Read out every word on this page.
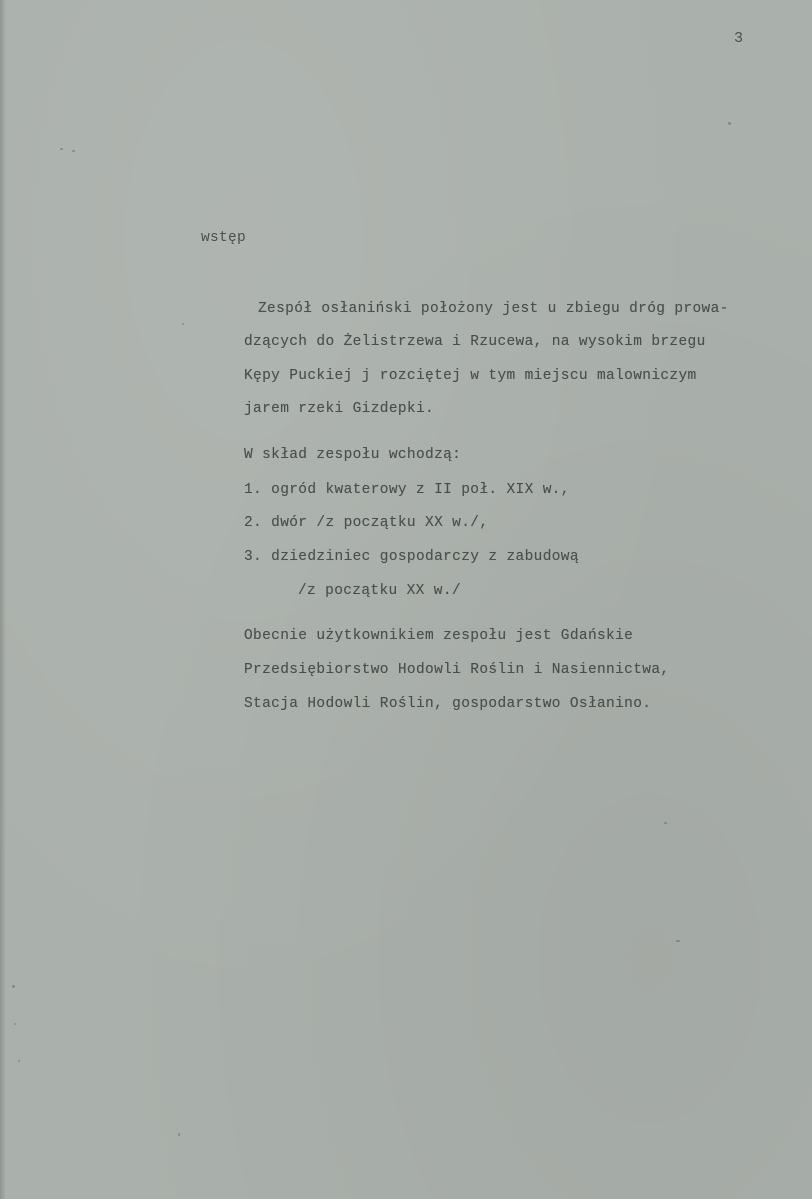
3
wstęp
Zespół osłaniński położony jest u zbiegu dróg prowa-
dzących do Żelistrzewa i Rzucewa, na wysokim brzegu
Kępy Puckiej j rozciętej w tym miejscu malowniczym
jarem rzeki Gizdepki.
W skład zespołu wchodzą:
1. ogród kwaterowy z II poł. XIX w.,
2. dwór /z początku XX w./,
3. dziedziniec gospodarczy z zabudową
/z początku XX w./
Obecnie użytkownikiem zespołu jest Gdańskie
Przedsiębiorstwo Hodowli Roślin i Nasiennictwa,
Stacja Hodowli Roślin, gospodarstwo Osłanino.
